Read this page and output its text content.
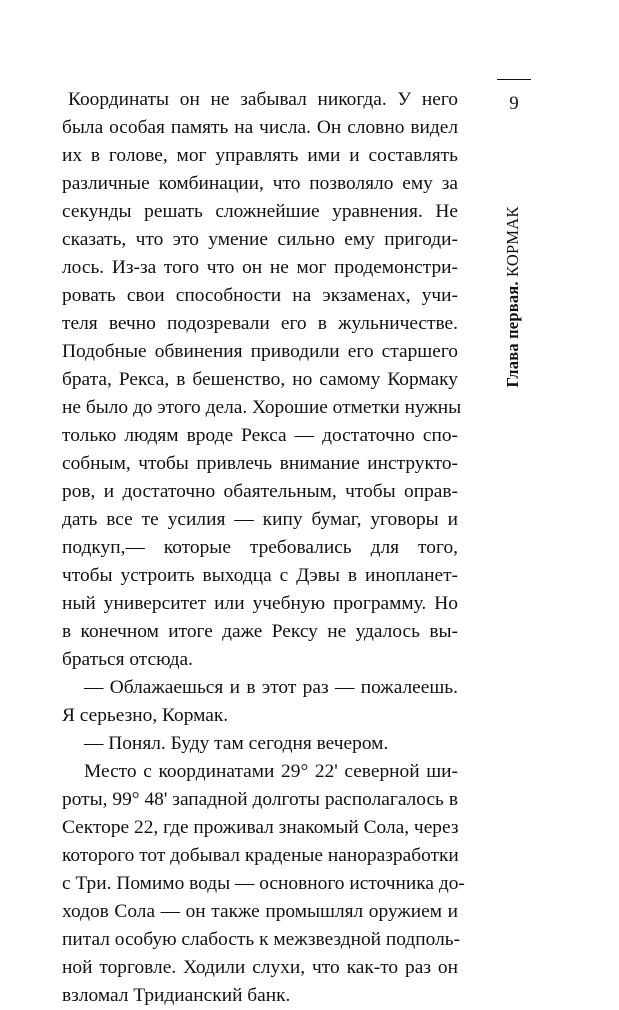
9
Глава первая. КОРМАК
Координаты он не забывал никогда. У него
была особая память на числа. Он словно видел
их в голове, мог управлять ими и составлять
различные комбинации, что позволяло ему за
секунды решать сложнейшие уравнения. Не
сказать, что это умение сильно ему пригоди-
лось. Из-за того что он не мог продемонстри-
ровать свои способности на экзаменах, учи-
теля вечно подозревали его в жульничестве.
Подобные обвинения приводили его старшего
брата, Рекса, в бешенство, но самому Кормаку
не было до этого дела. Хорошие отметки нужны
только людям вроде Рекса — достаточно спо-
собным, чтобы привлечь внимание инструкто-
ров, и достаточно обаятельным, чтобы оправ-
дать все те усилия — кипу бумаг, уговоры и
подкуп,— которые требовались для того,
чтобы устроить выходца с Дэвы в инопланет-
ный университет или учебную программу. Но
в конечном итоге даже Рексу не удалось вы-
браться отсюда.
— Облажаешься и в этот раз — пожалеешь.
Я серьезно, Кормак.
— Понял. Буду там сегодня вечером.
Место с координатами 29° 22' северной ши-
роты, 99° 48' западной долготы располагалось в
Секторе 22, где проживал знакомый Сола, через
которого тот добывал краденые наноразработки
с Три. Помимо воды — основного источника до-
ходов Сола — он также промышлял оружием и
питал особую слабость к межзвездной подполь-
ной торговле. Ходили слухи, что как-то раз он
взломал Тридианский банк.
